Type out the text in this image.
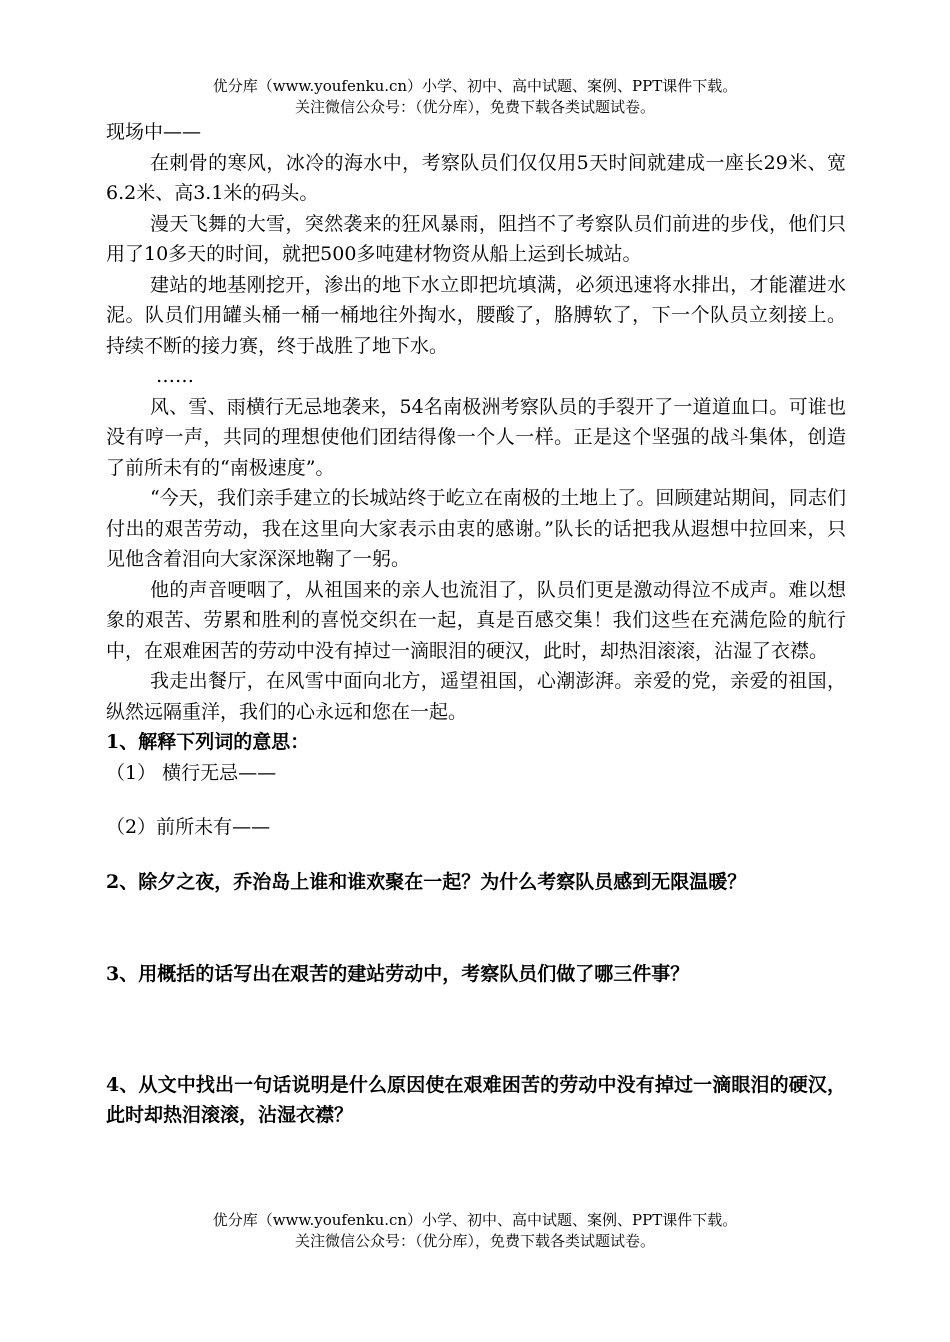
优分库（www.youfenku.cn）小学、初中、高中试题、案例、PPT课件下载。

关注微信公众号：（优分库），免费下载各类试题试卷。

现场中——

在刺骨的寒风，冰冷的海水中，考察队员们仅仅用5天时间就建成一座长29米、宽6.2米、高3.1米的码头。

漫天飞舞的大雪，突然袭来的狂风暴雨，阻挡不了考察队员们前进的步伐，他们只用了10多天的时间，就把500多吨建材物资从船上运到长城站。

建站的地基刚挖开，渗出的地下水立即把坑填满，必须迅速将水排出，才能灌进水泥。队员们用罐头桶一桶一桶地往外掏水，腰酸了，胳膊软了，下一个队员立刻接上。持续不断的接力赛，终于战胜了地下水。

……

风、雪、雨横行无忌地袭来，54名南极洲考察队员的手裂开了一道道血口。可谁也没有哼一声，共同的理想使他们团结得像一个人一样。正是这个坚强的战斗集体，创造了前所未有的“南极速度”。

“今天，我们亲手建立的长城站终于屹立在南极的土地上了。回顾建站期间，同志们付出的艰苦劳动，我在这里向大家表示由衷的感谢。”队长的话把我从遐想中拉回来，只见他含着泪向大家深深地鞠了一躬。

他的声音哽咽了，从祖国来的亲人也流泪了，队员们更是激动得泣不成声。难以想象的艰苦、劳累和胜利的喜悦交织在一起，真是百感交集！我们这些在充满危险的航行中，在艰难困苦的劳动中没有掉过一滴眼泪的硬汉，此时，却热泪滚滚，沾湿了衣襟。

我走出餐厅，在风雪中面向北方，遥望祖国，心潮澎湃。亲爱的党，亲爱的祖国，纵然远隔重洋，我们的心永远和您在一起。

1、解释下列词的意思：

（1） 横行无忌——

（2）前所未有——

2、除夕之夜，乔治岛上谁和谁欢聚在一起？为什么考察队员感到无限温暖？

3、用概括的话写出在艰苦的建站劳动中，考察队员们做了哪三件事？

4、从文中找出一句话说明是什么原因使在艰难困苦的劳动中没有掉过一滴眼泪的硬汉，此时却热泪滚滚，沾湿衣襟？

优分库（www.youfenku.cn）小学、初中、高中试题、案例、PPT课件下载。

关注微信公众号：（优分库），免费下载各类试题试卷。
